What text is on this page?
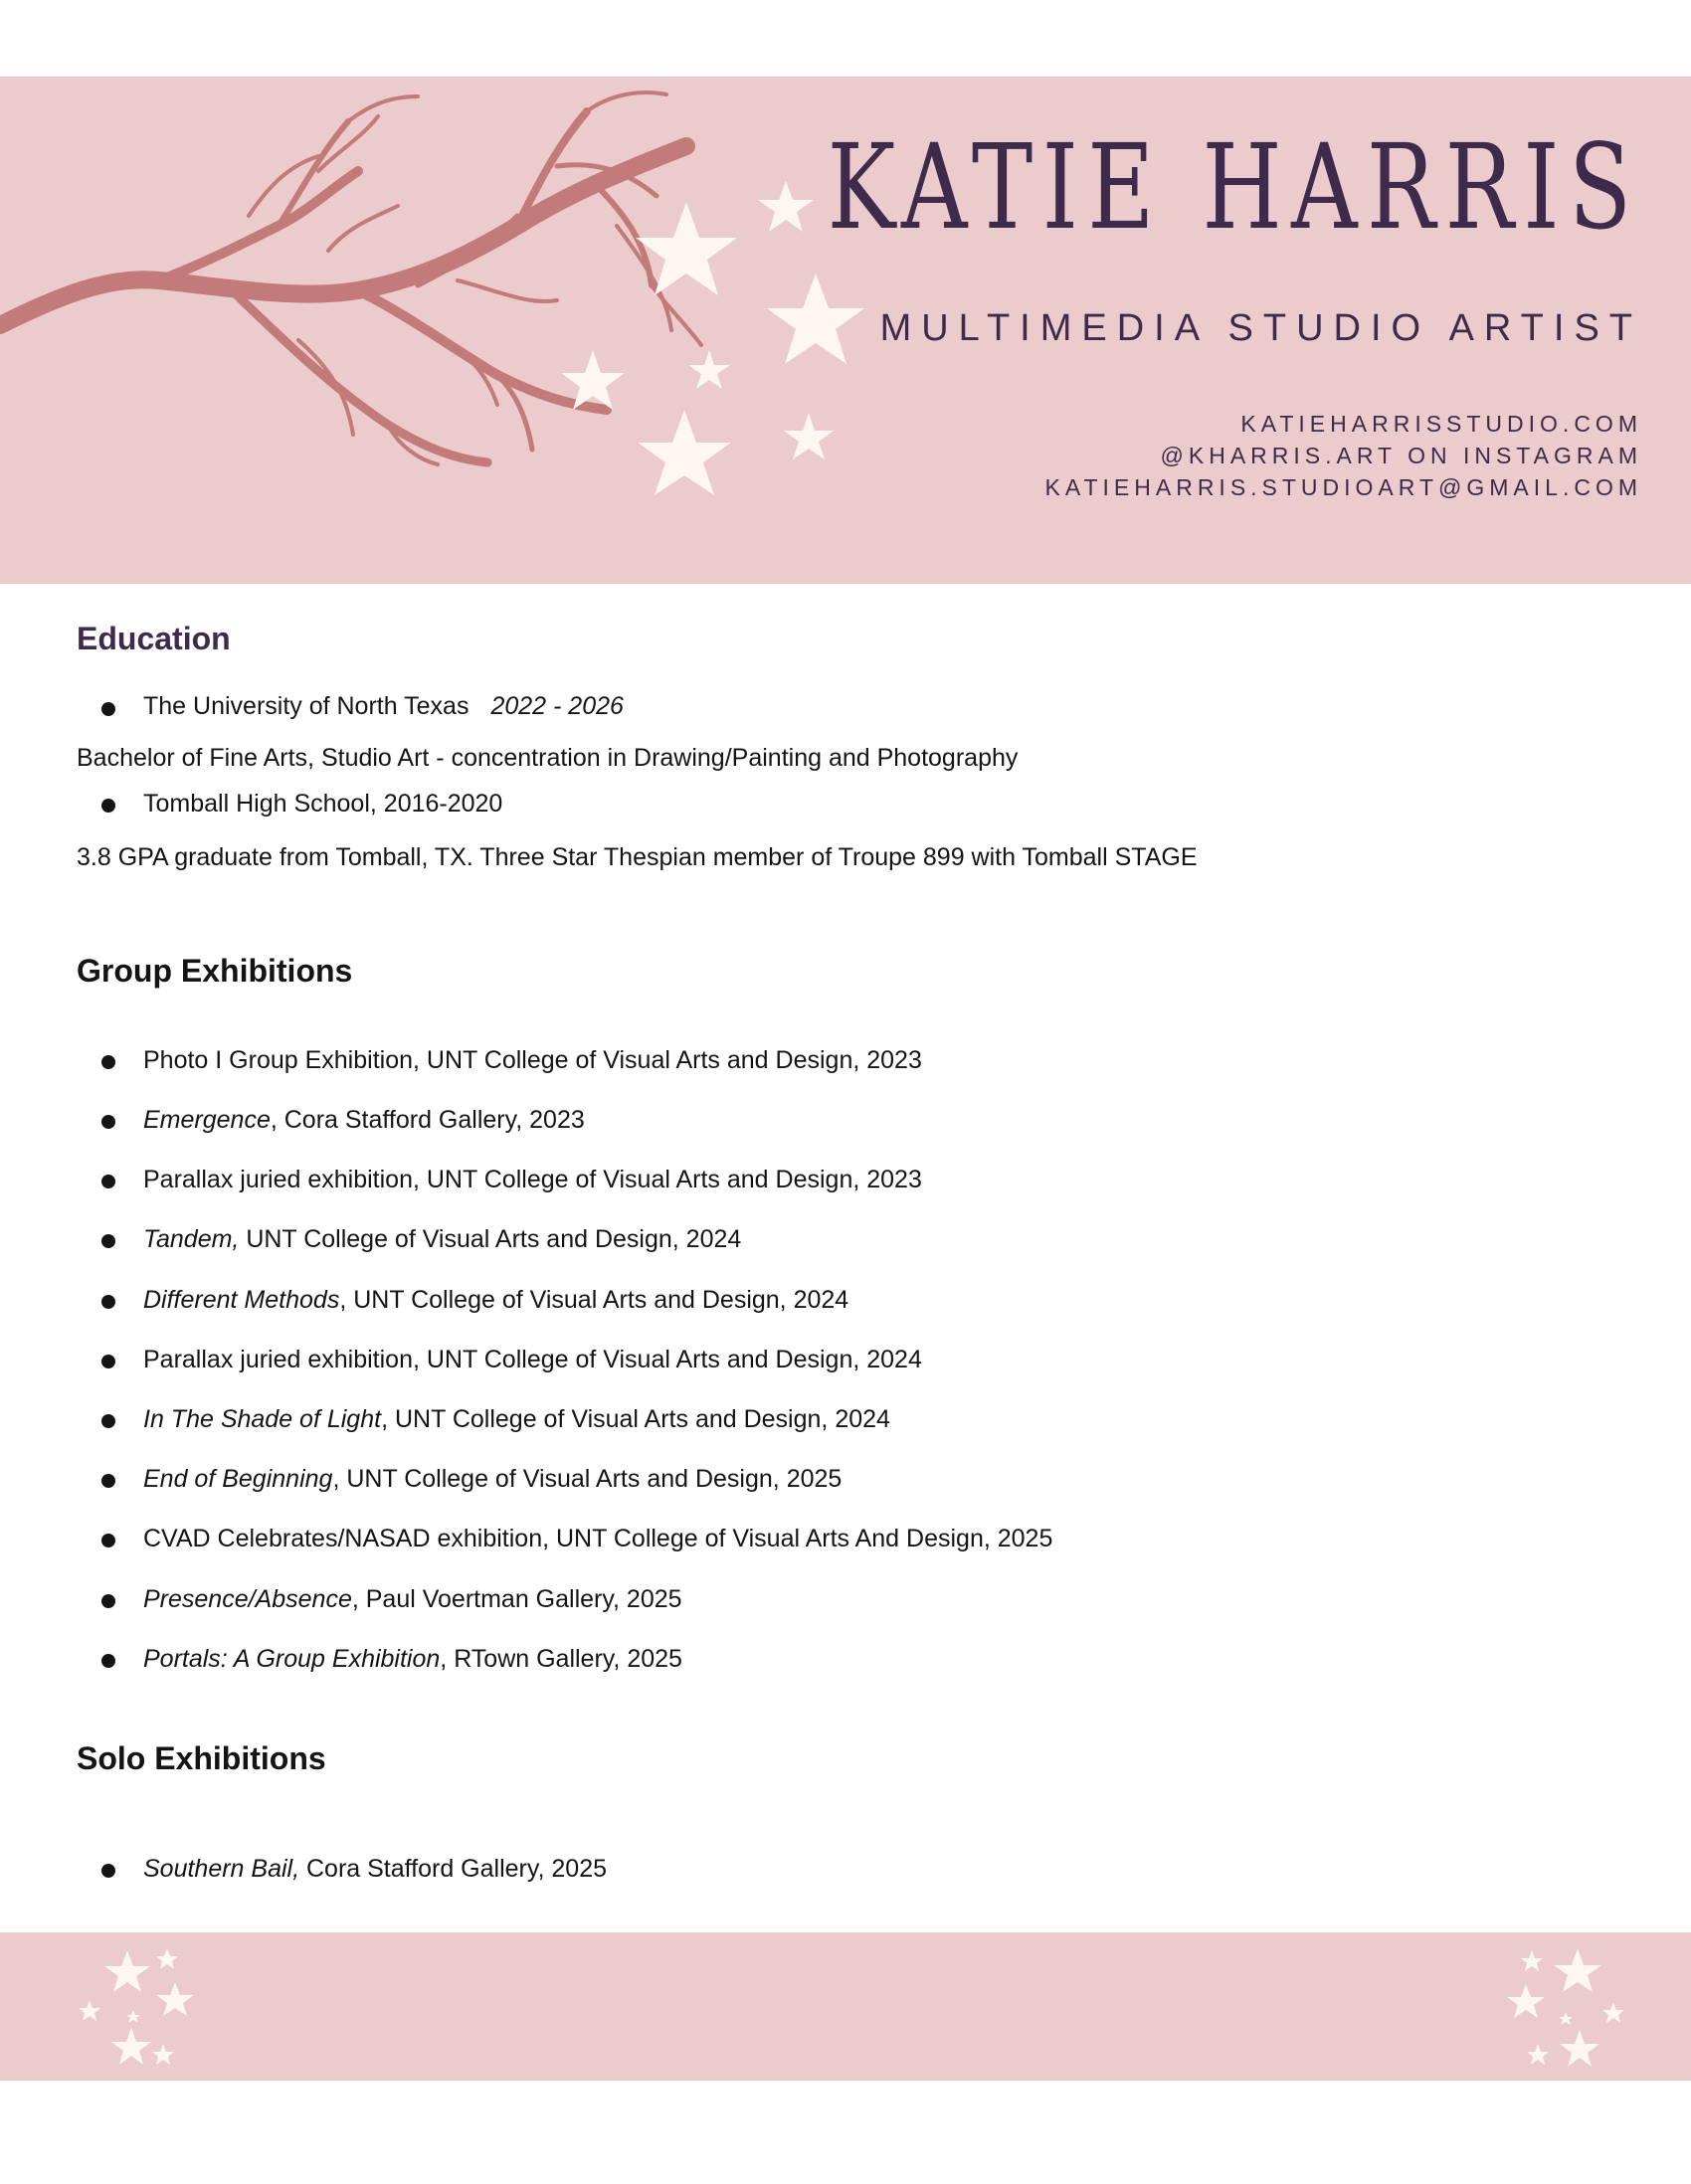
KATIE HARRIS
MULTIMEDIA STUDIO ARTIST
KATIEHARRISSTUDIO.COM
@KHARRIS.ART ON INSTAGRAM
KATIEHARRIS.STUDIOART@GMAIL.COM
Education
The University of North Texas 2022 - 2026
Bachelor of Fine Arts, Studio Art - concentration in Drawing/Painting and Photography
Tomball High School, 2016-2020
3.8 GPA graduate from Tomball, TX. Three Star Thespian member of Troupe 899 with Tomball STAGE
Group Exhibitions
Photo I Group Exhibition, UNT College of Visual Arts and Design, 2023
Emergence, Cora Stafford Gallery, 2023
Parallax juried exhibition, UNT College of Visual Arts and Design, 2023
Tandem, UNT College of Visual Arts and Design, 2024
Different Methods, UNT College of Visual Arts and Design, 2024
Parallax juried exhibition, UNT College of Visual Arts and Design, 2024
In The Shade of Light, UNT College of Visual Arts and Design, 2024
End of Beginning, UNT College of Visual Arts and Design, 2025
CVAD Celebrates/NASAD exhibition, UNT College of Visual Arts And Design, 2025
Presence/Absence, Paul Voertman Gallery, 2025
Portals: A Group Exhibition, RTown Gallery, 2025
Solo Exhibitions
Southern Bail, Cora Stafford Gallery, 2025
